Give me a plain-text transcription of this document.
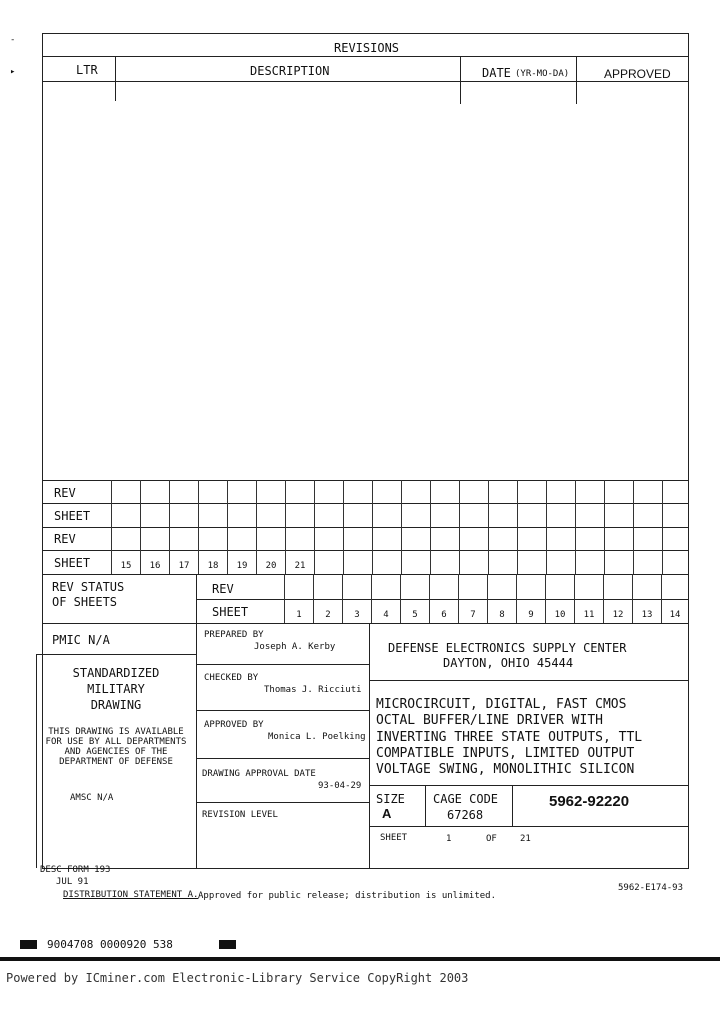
-
▸
REVISIONS
LTR	DESCRIPTION	DATE (YR-MO-DA)	APPROVED
REV
SHEET
REV
SHEET	15	16	17	18	19	20	21
REV STATUS
OF SHEETS
REV
SHEET	1	2	3	4	5	6	7	8	9	10	11	12	13	14
PMIC N/A
STANDARDIZED
MILITARY
DRAWING
THIS DRAWING IS AVAILABLE
FOR USE BY ALL DEPARTMENTS
AND AGENCIES OF THE
DEPARTMENT OF DEFENSE
AMSC N/A
PREPARED BY
Joseph A. Kerby
CHECKED BY
Thomas J. Ricciuti
APPROVED BY
Monica L. Poelking
DRAWING APPROVAL DATE
93-04-29
REVISION LEVEL
DEFENSE ELECTRONICS SUPPLY CENTER
DAYTON, OHIO 45444
MICROCIRCUIT, DIGITAL, FAST CMOS
OCTAL BUFFER/LINE DRIVER WITH
INVERTING THREE STATE OUTPUTS, TTL
COMPATIBLE INPUTS, LIMITED OUTPUT
VOLTAGE SWING, MONOLITHIC SILICON
SIZE
A
CAGE CODE
67268
5962-92220
SHEET	1	OF	21
DESC FORM 193
JUL 91
DISTRIBUTION STATEMENT A. Approved for public release; distribution is unlimited.
5962-E174-93
9004708 0000920 538
Powered by ICminer.com Electronic-Library Service CopyRight 2003
